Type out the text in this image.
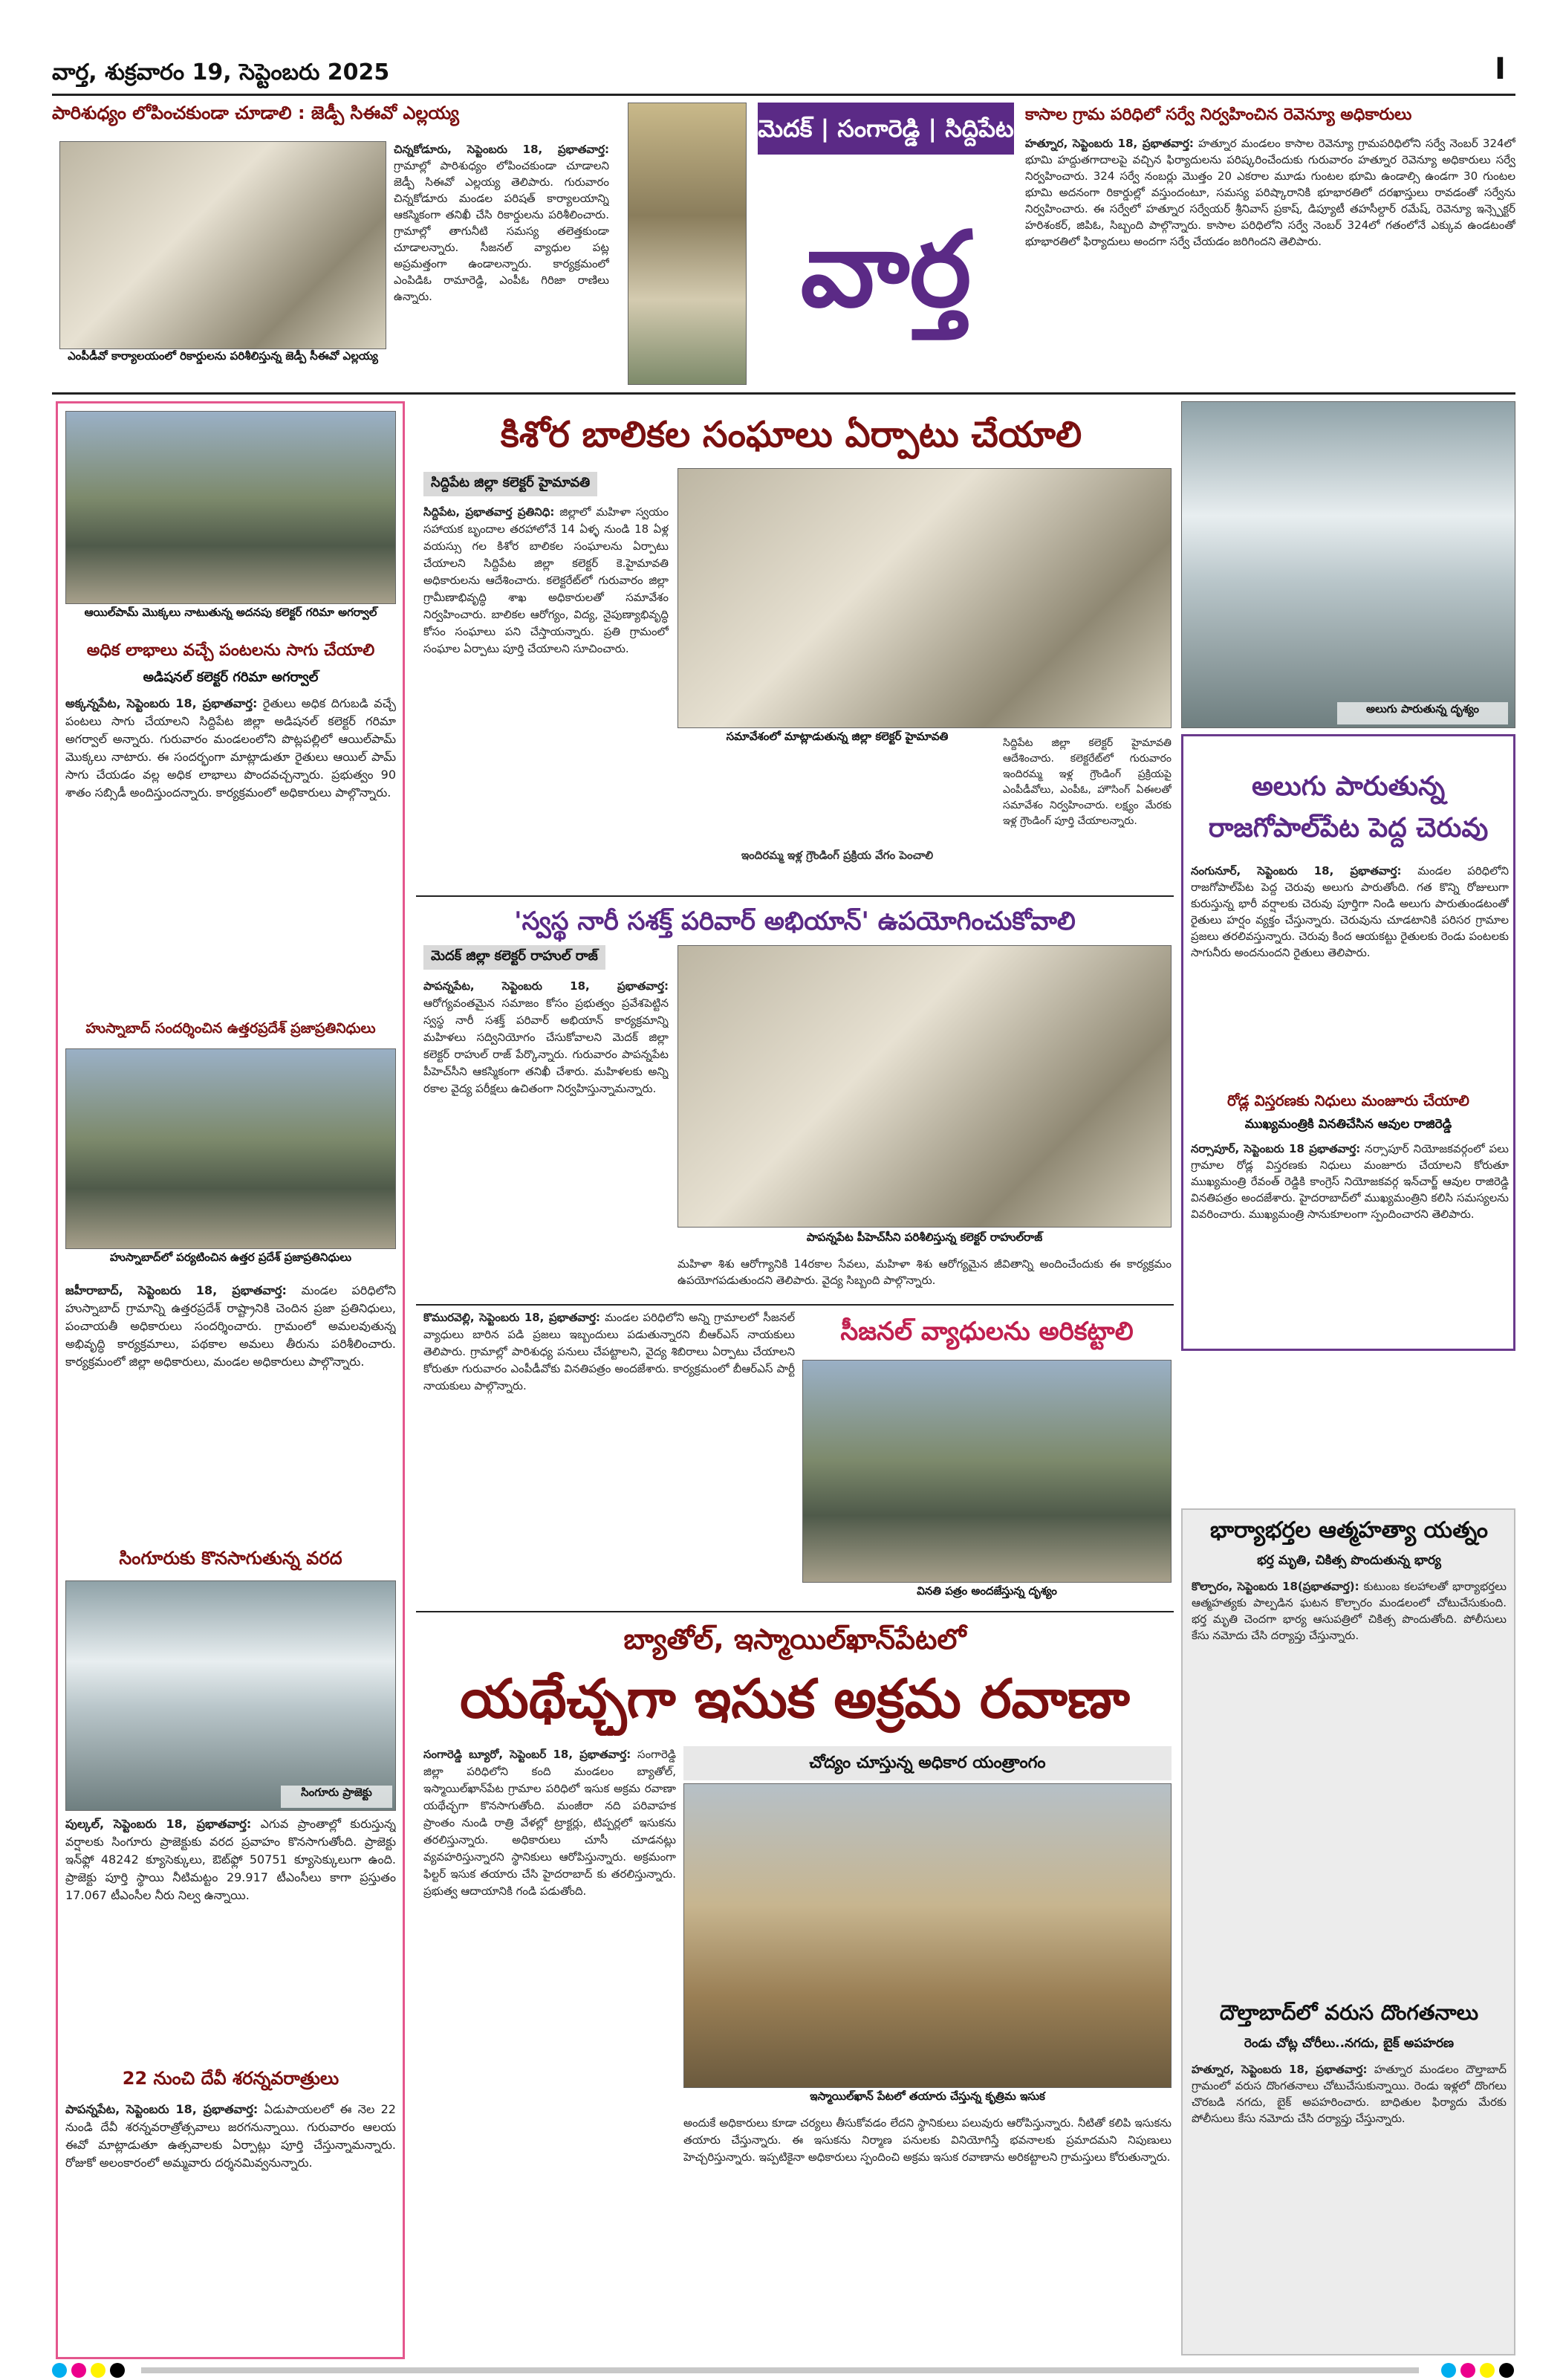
వార్త, శుక్రవారం 19, సెప్టెంబరు 2025	I
పారిశుధ్యం లోపించకుండా చూడాలి : జెడ్పీ సిఈవో ఎల్లయ్య
ఎంపీడీవో కార్యాలయంలో రికార్డులను పరిశీలిస్తున్న జెడ్పీ సీఈవో ఎల్లయ్య
చిన్నకోడూరు, సెప్టెంబరు 18, ప్రభాతవార్త: గ్రామాల్లో పారిశుధ్యం లోపించకుండా చూడాలని జెడ్పీ సిఈవో ఎల్లయ్య తెలిపారు. గురువారం చిన్నకోడూరు మండల పరిషత్ కార్యాలయాన్ని ఆకస్మికంగా తనిఖీ చేసి రికార్డులను పరిశీలించారు. గ్రామాల్లో తాగునీటి సమస్య తలెత్తకుండా చూడాలన్నారు. సీజనల్ వ్యాధుల పట్ల అప్రమత్తంగా ఉండాలన్నారు. కార్యక్రమంలో ఎంపిడిఓ రామారెడ్డి, ఎంపీఓ గిరిజా రాణిలు ఉన్నారు.
మెదక్ | సంగారెడ్డి | సిద్దిపేట
వార్త
కాసాల గ్రామ పరిధిలో సర్వే నిర్వహించిన రెవెన్యూ అధికారులు
హత్నూర, సెప్టెంబరు 18, ప్రభాతవార్త: హత్నూర మండలం కాసాల రెవెన్యూ గ్రామపరిధిలోని సర్వే నెంబర్ 324లో భూమి హద్దుతగాదాలపై వచ్చిన ఫిర్యాదులను పరిష్కరించేందుకు గురువారం హత్నూర రెవెన్యూ అధికారులు సర్వే నిర్వహించారు. 324 సర్వే నంబర్లు మొత్తం 20 ఎకరాల మూడు గుంటల భూమి ఉండాల్సి ఉండగా 30 గుంటల భూమి అదనంగా రికార్డుల్లో వస్తుందంటూ, సమస్య పరిష్కారానికి భూభారతిలో దరఖాస్తులు రావడంతో సర్వేను నిర్వహించారు. ఈ సర్వేలో హత్నూర సర్వేయర్ శ్రీనివాస్ ప్రకాష్, డిప్యూటీ తహసీల్దార్ రమేష్, రెవెన్యూ ఇన్స్పెక్టర్ హరిశంకర్, జిపిఓ, సిబ్బంది పాల్గొన్నారు. కాసాల పరిధిలోని సర్వే నెంబర్ 324లో గతంలోనే ఎక్కువ ఉండటంతో భూభారతిలో ఫిర్యాదులు అందగా సర్వే చేయడం జరిగిందని తెలిపారు.
ఆయిల్‌పామ్ మొక్కలు నాటుతున్న అదనపు కలెక్టర్ గరిమా అగర్వాల్
అధిక లాభాలు వచ్చే పంటలను సాగు చేయాలి
అడిషనల్ కలెక్టర్ గరిమా అగర్వాల్
అక్కన్నపేట, సెప్టెంబరు 18, ప్రభాతవార్త: రైతులు అధిక దిగుబడి వచ్చే పంటలు సాగు చేయాలని సిద్దిపేట జిల్లా అడిషనల్ కలెక్టర్ గరిమా అగర్వాల్ అన్నారు. గురువారం మండలంలోని పొట్లపల్లిలో ఆయిల్‌పామ్ మొక్కలు నాటారు. ఈ సందర్భంగా మాట్లాడుతూ రైతులు ఆయిల్ పామ్ సాగు చేయడం వల్ల అధిక లాభాలు పొందవచ్చన్నారు. ప్రభుత్వం 90 శాతం సబ్సిడీ అందిస్తుందన్నారు. కార్యక్రమంలో అధికారులు పాల్గొన్నారు.
హుస్నాబాద్ సందర్శించిన ఉత్తరప్రదేశ్ ప్రజాప్రతినిధులు
హుస్నాబాద్‌లో పర్యటించిన ఉత్తర ప్రదేశ్ ప్రజాప్రతినిధులు
జహీరాబాద్, సెప్టెంబరు 18, ప్రభాతవార్త: మండల పరిధిలోని హుస్నాబాద్ గ్రామాన్ని ఉత్తరప్రదేశ్ రాష్ట్రానికి చెందిన ప్రజా ప్రతినిధులు, పంచాయతీ అధికారులు సందర్శించారు. గ్రామంలో అమలవుతున్న అభివృద్ధి కార్యక్రమాలు, పథకాల అమలు తీరును పరిశీలించారు. కార్యక్రమంలో జిల్లా అధికారులు, మండల అధికారులు పాల్గొన్నారు.
సింగూరుకు కొనసాగుతున్న వరద
సింగూరు ప్రాజెక్టు
పుల్కల్, సెప్టెంబరు 18, ప్రభాతవార్త: ఎగువ ప్రాంతాల్లో కురుస్తున్న వర్షాలకు సింగూరు ప్రాజెక్టుకు వరద ప్రవాహం కొనసాగుతోంది. ప్రాజెక్టు ఇన్‌ఫ్లో 48242 క్యూసెక్కులు, ఔట్‌ఫ్లో 50751 క్యూసెక్కులుగా ఉంది. ప్రాజెక్టు పూర్తి స్థాయి నీటిమట్టం 29.917 టీఎంసీలు కాగా ప్రస్తుతం 17.067 టీఎంసీల నీరు నిల్వ ఉన్నాయి.
22 నుంచి దేవీ శరన్నవరాత్రులు
పాపన్నపేట, సెప్టెంబరు 18, ప్రభాతవార్త: ఏడుపాయలలో ఈ నెల 22 నుండి దేవీ శరన్నవరాత్రోత్సవాలు జరగనున్నాయి. గురువారం ఆలయ ఈవో మాట్లాడుతూ ఉత్సవాలకు ఏర్పాట్లు పూర్తి చేస్తున్నామన్నారు. రోజుకో అలంకారంలో అమ్మవారు దర్శనమివ్వనున్నారు.
కిశోర బాలికల సంఘాలు ఏర్పాటు చేయాలి
సిద్దిపేట జిల్లా కలెక్టర్ హైమావతి
సిద్దిపేట, ప్రభాతవార్త ప్రతినిధి: జిల్లాలో మహిళా స్వయం సహాయక బృందాల తరహాలోనే 14 ఏళ్ళ నుండి 18 ఏళ్ల వయస్సు గల కిశోర బాలికల సంఘాలను ఏర్పాటు చేయాలని సిద్దిపేట జిల్లా కలెక్టర్ కె.హైమావతి అధికారులను ఆదేశించారు. కలెక్టరేట్‌లో గురువారం జిల్లా గ్రామీణాభివృద్ధి శాఖ అధికారులతో సమావేశం నిర్వహించారు. బాలికల ఆరోగ్యం, విద్య, నైపుణ్యాభివృద్ధి కోసం సంఘాలు పని చేస్తాయన్నారు. ప్రతి గ్రామంలో సంఘాల ఏర్పాటు పూర్తి చేయాలని సూచించారు.
సమావేశంలో మాట్లాడుతున్న జిల్లా కలెక్టర్ హైమావతి	సిద్దిపేట జిల్లా కలెక్టర్ హైమావతి ఆదేశించారు. కలెక్టరేట్‌లో గురువారం ఇందిరమ్మ ఇళ్ల గ్రౌండింగ్ ప్రక్రియపై ఎంపీడీవోలు, ఎంపీఓ, హౌసింగ్ ఏఈలతో సమావేశం నిర్వహించారు. లక్ష్యం మేరకు ఇళ్ల గ్రౌండింగ్ పూర్తి చేయాలన్నారు.
ఇందిరమ్మ ఇళ్ల గ్రౌండింగ్ ప్రక్రియ వేగం పెంచాలి
'స్వస్థ నారీ సశక్త్ పరివార్ అభియాన్' ఉపయోగించుకోవాలి
మెదక్ జిల్లా కలెక్టర్ రాహుల్ రాజ్
పాపన్నపేట, సెప్టెంబరు 18, ప్రభాతవార్త: ఆరోగ్యవంతమైన సమాజం కోసం ప్రభుత్వం ప్రవేశపెట్టిన స్వస్థ నారీ సశక్త్ పరివార్ అభియాన్ కార్యక్రమాన్ని మహిళలు సద్వినియోగం చేసుకోవాలని మెదక్ జిల్లా కలెక్టర్ రాహుల్ రాజ్ పేర్కొన్నారు. గురువారం పాపన్నపేట పీహెచ్‌సీని ఆకస్మికంగా తనిఖీ చేశారు. మహిళలకు అన్ని రకాల వైద్య పరీక్షలు ఉచితంగా నిర్వహిస్తున్నామన్నారు.
పాపన్నపేట పీహెచ్‌సీని పరిశీలిస్తున్న కలెక్టర్ రాహుల్‌రాజ్
మహిళా శిశు ఆరోగ్యానికి 14రకాల సేవలు, మహిళా శిశు ఆరోగ్యమైన జీవితాన్ని అందించేందుకు ఈ కార్యక్రమం ఉపయోగపడుతుందని తెలిపారు. వైద్య సిబ్బంది పాల్గొన్నారు.
కొమురవెల్లి, సెప్టెంబరు 18, ప్రభాతవార్త: మండల పరిధిలోని అన్ని గ్రామాలలో సీజనల్ వ్యాధులు బారిన పడి ప్రజలు ఇబ్బందులు పడుతున్నారని బీఆర్ఎస్ నాయకులు తెలిపారు. గ్రామాల్లో పారిశుధ్య పనులు చేపట్టాలని, వైద్య శిబిరాలు ఏర్పాటు చేయాలని కోరుతూ గురువారం ఎంపీడీవోకు వినతిపత్రం అందజేశారు. కార్యక్రమంలో బీఆర్ఎస్ పార్టీ నాయకులు పాల్గొన్నారు.
సీజనల్ వ్యాధులను అరికట్టాలి
వినతి పత్రం అందజేస్తున్న దృశ్యం
బ్యాతోల్, ఇస్మాయిల్‌ఖాన్‌పేటలో
యథేచ్ఛగా ఇసుక అక్రమ రవాణా
సంగారెడ్డి బ్యూరో, సెప్టెంబర్ 18, ప్రభాతవార్త: సంగారెడ్డి జిల్లా పరిధిలోని కంది మండలం బ్యాతోల్, ఇస్మాయిల్‌ఖాన్‌పేట గ్రామాల పరిధిలో ఇసుక అక్రమ రవాణా యథేచ్ఛగా కొనసాగుతోంది. మంజీరా నది పరివాహక ప్రాంతం నుండి రాత్రి వేళల్లో ట్రాక్టర్లు, టిప్పర్లలో ఇసుకను తరలిస్తున్నారు. అధికారులు చూసీ చూడనట్లు వ్యవహరిస్తున్నారని స్థానికులు ఆరోపిస్తున్నారు. అక్రమంగా ఫిల్టర్ ఇసుక తయారు చేసి హైదరాబాద్ కు తరలిస్తున్నారు. ప్రభుత్వ ఆదాయానికి గండి పడుతోంది.
చోద్యం చూస్తున్న అధికార యంత్రాంగం
ఇస్మాయిల్‌ఖాన్ పేటలో తయారు చేస్తున్న కృత్రిమ ఇసుక
అందుకే అధికారులు కూడా చర్యలు తీసుకోవడం లేదని స్థానికులు పలువురు ఆరోపిస్తున్నారు. నీటితో కలిపి ఇసుకను తయారు చేస్తున్నారు. ఈ ఇసుకను నిర్మాణ పనులకు వినియోగిస్తే భవనాలకు ప్రమాదమని నిపుణులు హెచ్చరిస్తున్నారు. ఇప్పటికైనా అధికారులు స్పందించి అక్రమ ఇసుక రవాణాను అరికట్టాలని గ్రామస్తులు కోరుతున్నారు.
అలుగు పారుతున్న దృశ్యం
అలుగు పారుతున్న రాజగోపాల్‌పేట పెద్ద చెరువు
నంగునూర్, సెప్టెంబరు 18, ప్రభాతవార్త: మండల పరిధిలోని రాజగోపాల్‌పేట పెద్ద చెరువు అలుగు పారుతోంది. గత కొన్ని రోజులుగా కురుస్తున్న భారీ వర్షాలకు చెరువు పూర్తిగా నిండి అలుగు పారుతుండటంతో రైతులు హర్షం వ్యక్తం చేస్తున్నారు. చెరువును చూడటానికి పరిసర గ్రామాల ప్రజలు తరలివస్తున్నారు. చెరువు కింద ఆయకట్టు రైతులకు రెండు పంటలకు సాగునీరు అందనుందని రైతులు తెలిపారు.
రోడ్ల విస్తరణకు నిధులు మంజూరు చేయాలి
ముఖ్యమంత్రికి వినతిచేసిన ఆవుల రాజిరెడ్డి
నర్సాపూర్, సెప్టెంబరు 18 ప్రభాతవార్త: నర్సాపూర్ నియోజకవర్గంలో పలు గ్రామాల రోడ్ల విస్తరణకు నిధులు మంజూరు చేయాలని కోరుతూ ముఖ్యమంత్రి రేవంత్ రెడ్డికి కాంగ్రెస్ నియోజకవర్గ ఇన్‌చార్జ్ ఆవుల రాజిరెడ్డి వినతిపత్రం అందజేశారు. హైదరాబాద్‌లో ముఖ్యమంత్రిని కలిసి సమస్యలను వివరించారు. ముఖ్యమంత్రి సానుకూలంగా స్పందించారని తెలిపారు.
భార్యాభర్తల ఆత్మహత్యా యత్నం
భర్త మృతి, చికిత్స పొందుతున్న భార్య
కొల్చారం, సెప్టెంబరు 18(ప్రభాతవార్త): కుటుంబ కలహాలతో భార్యాభర్తలు ఆత్మహత్యకు పాల్పడిన ఘటన కొల్చారం మండలంలో చోటుచేసుకుంది. భర్త మృతి చెందగా భార్య ఆసుపత్రిలో చికిత్స పొందుతోంది. పోలీసులు కేసు నమోదు చేసి దర్యాప్తు చేస్తున్నారు.
దౌల్తాబాద్‌లో వరుస దొంగతనాలు
రెండు చోట్ల చోరీలు..నగదు, బైక్ అపహరణ
హత్నూర, సెప్టెంబరు 18, ప్రభాతవార్త: హత్నూర మండలం దౌల్తాబాద్ గ్రామంలో వరుస దొంగతనాలు చోటుచేసుకున్నాయి. రెండు ఇళ్లలో దొంగలు చొరబడి నగదు, బైక్ అపహరించారు. బాధితుల ఫిర్యాదు మేరకు పోలీసులు కేసు నమోదు చేసి దర్యాప్తు చేస్తున్నారు.
